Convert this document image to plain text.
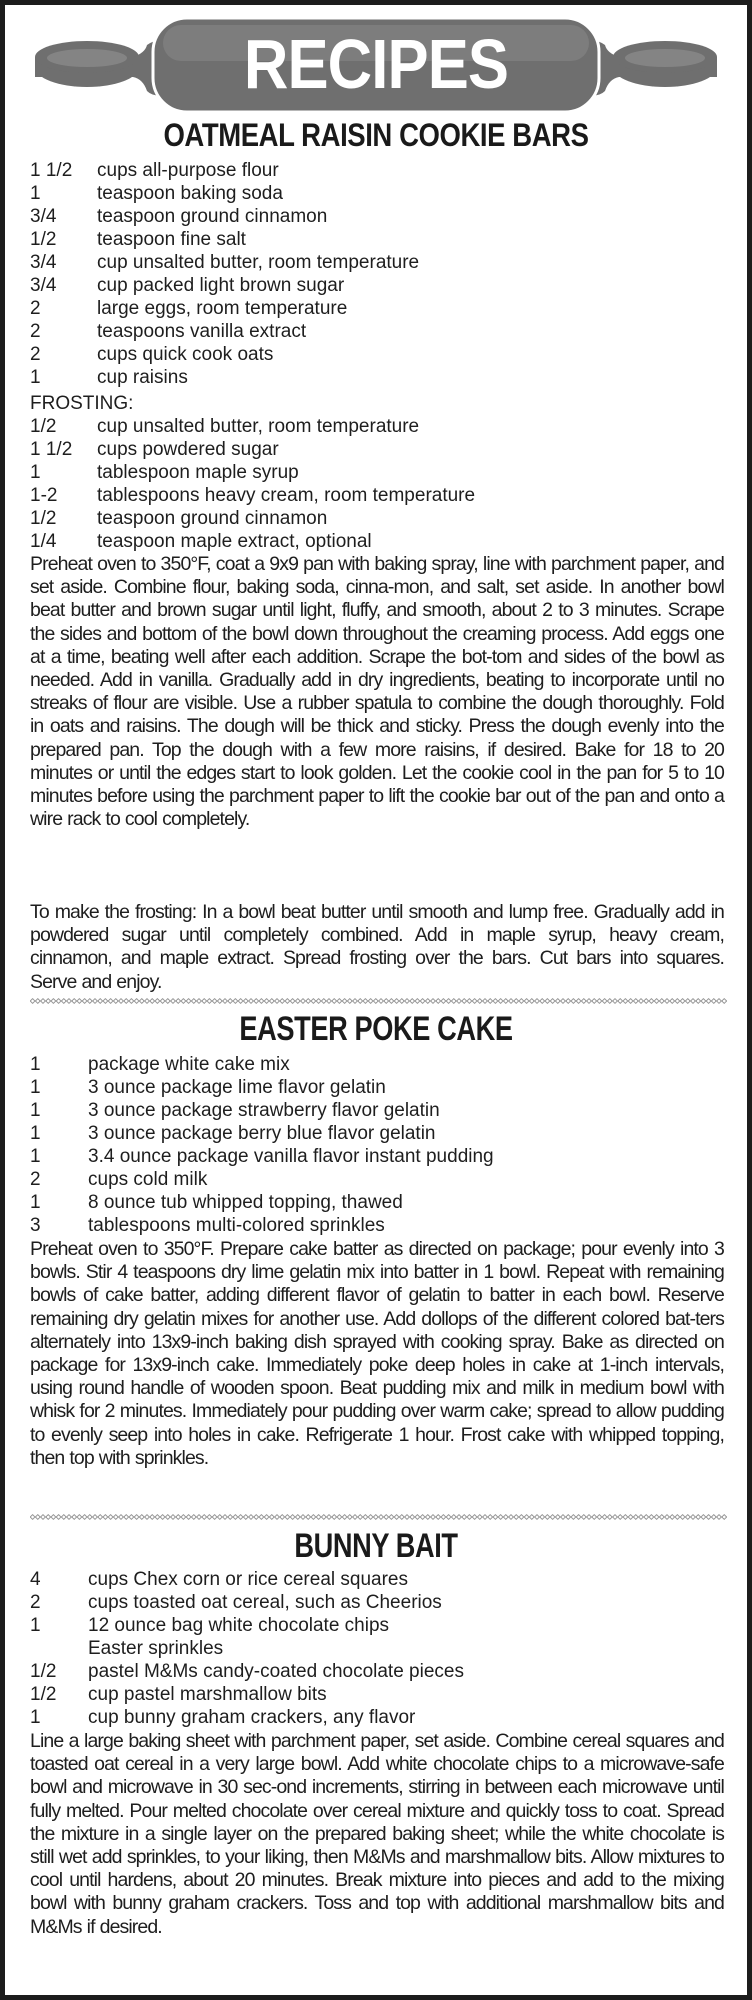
RECIPES
OATMEAL RAISIN COOKIE BARS
1 1/2 cups all-purpose flour
1	teaspoon baking soda
3/4 teaspoon ground cinnamon
1/2 teaspoon fine salt
3/4 cup unsalted butter, room temperature
3/4 cup packed light brown sugar
2	large eggs, room temperature
2	teaspoons vanilla extract
2	cups quick cook oats
1	cup raisins
FROSTING:
1/2 cup unsalted butter, room temperature
1 1/2 cups powdered sugar
1	tablespoon maple syrup
1-2 tablespoons heavy cream, room temperature
1/2 teaspoon ground cinnamon
1/4 teaspoon maple extract, optional

Preheat oven to 350°F, coat a 9x9 pan with baking spray, line with parchment paper, and set aside. Combine flour, baking soda, cinna-mon, and salt, set aside. In another bowl beat butter and brown sugar until light, fluffy, and smooth, about 2 to 3 minutes. Scrape the sides and bottom of the bowl down throughout the creaming process. Add eggs one at a time, beating well after each addition. Scrape the bot-tom and sides of the bowl as needed. Add in vanilla. Gradually add in dry ingredients, beating to incorporate until no streaks of flour are visible. Use a rubber spatula to combine the dough thoroughly. Fold in oats and raisins. The dough will be thick and sticky. Press the dough evenly into the prepared pan. Top the dough with a few more raisins, if desired. Bake for 18 to 20 minutes or until the edges start to look golden. Let the cookie cool in the pan for 5 to 10 minutes before using the parchment paper to lift the cookie bar out of the pan and onto a wire rack to cool completely.

To make the frosting: In a bowl beat butter until smooth and lump free. Gradually add in powdered sugar until completely combined. Add in maple syrup, heavy cream, cinnamon, and maple extract. Spread frosting over the bars. Cut bars into squares. Serve and enjoy.

EASTER POKE CAKE
1 package white cake mix
1 3 ounce package lime flavor gelatin
1 3 ounce package strawberry flavor gelatin
1 3 ounce package berry blue flavor gelatin
1 3.4 ounce package vanilla flavor instant pudding
2 cups cold milk
1 8 ounce tub whipped topping, thawed
3 tablespoons multi-colored sprinkles

Preheat oven to 350°F. Prepare cake batter as directed on package; pour evenly into 3 bowls. Stir 4 teaspoons dry lime gelatin mix into batter in 1 bowl. Repeat with remaining bowls of cake batter, adding different flavor of gelatin to batter in each bowl. Reserve remaining dry gelatin mixes for another use. Add dollops of the different colored bat-ters alternately into 13x9-inch baking dish sprayed with cooking spray. Bake as directed on package for 13x9-inch cake. Immediately poke deep holes in cake at 1-inch intervals, using round handle of wooden spoon. Beat pudding mix and milk in medium bowl with whisk for 2 minutes. Immediately pour pudding over warm cake; spread to allow pudding to evenly seep into holes in cake. Refrigerate 1 hour. Frost cake with whipped topping, then top with sprinkles.

BUNNY BAIT
4 cups Chex corn or rice cereal squares
2 cups toasted oat cereal, such as Cheerios
1 12 ounce bag white chocolate chips
Easter sprinkles
1/2 pastel M&Ms candy-coated chocolate pieces
1/2 cup pastel marshmallow bits
1 cup bunny graham crackers, any flavor

Line a large baking sheet with parchment paper, set aside. Combine cereal squares and toasted oat cereal in a very large bowl. Add white chocolate chips to a microwave-safe bowl and microwave in 30 sec-ond increments, stirring in between each microwave until fully melted. Pour melted chocolate over cereal mixture and quickly toss to coat. Spread the mixture in a single layer on the prepared baking sheet; while the white chocolate is still wet add sprinkles, to your liking, then M&Ms and marshmallow bits. Allow mixtures to cool until hardens, about 20 minutes. Break mixture into pieces and add to the mixing bowl with bunny graham crackers. Toss and top with additional marshmallow bits and M&Ms if desired.
